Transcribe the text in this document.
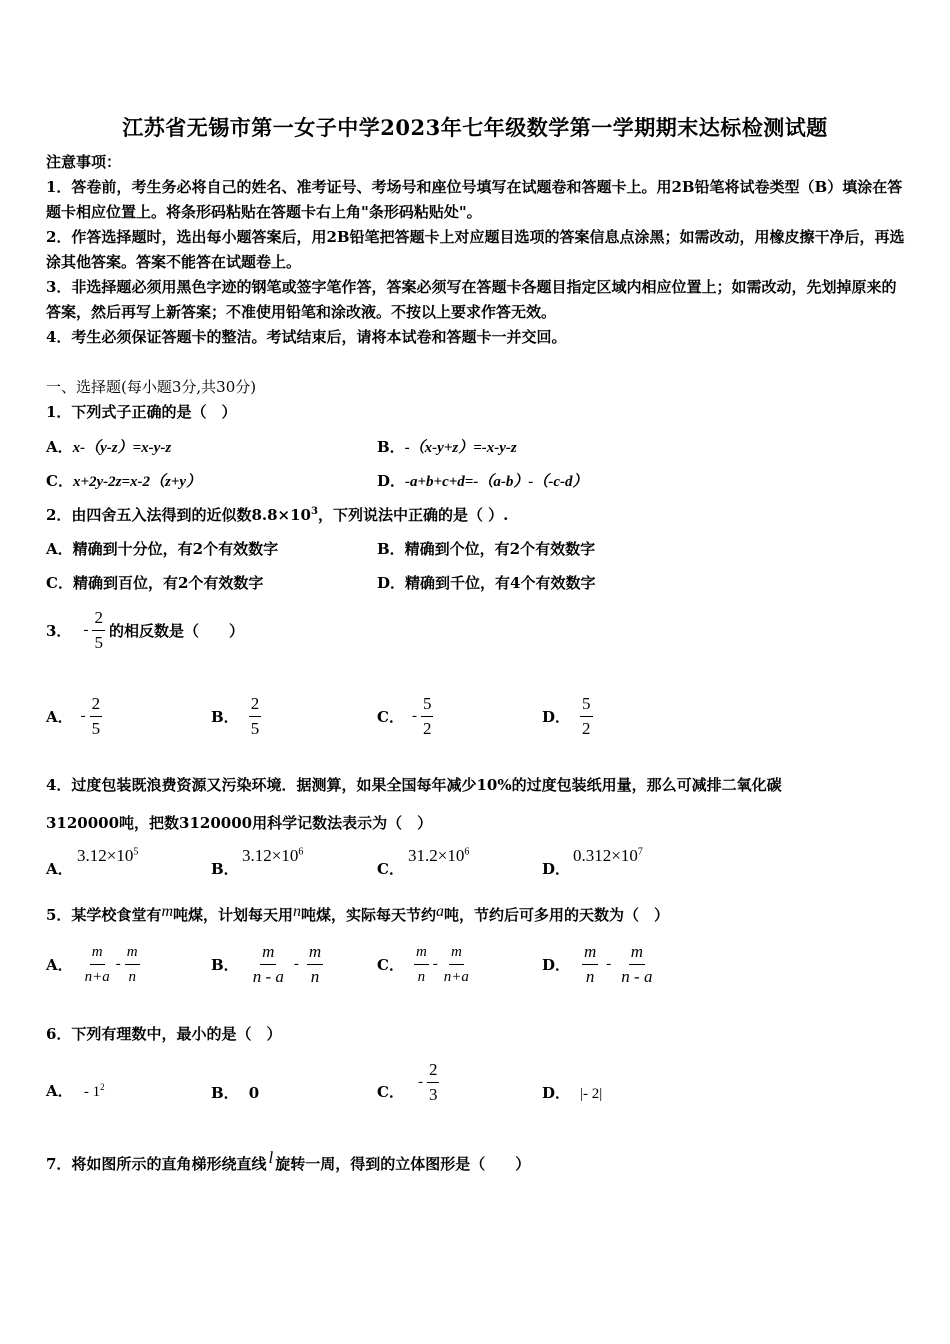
江苏省无锡市第一女子中学2023年七年级数学第一学期期末达标检测试题
注意事项：
1．答卷前，考生务必将自己的姓名、准考证号、考场号和座位号填写在试题卷和答题卡上。用2B铅笔将试卷类型（B）填涂在答题卡相应位置上。将条形码粘贴在答题卡右上角"条形码粘贴处"。
2．作答选择题时，选出每小题答案后，用2B铅笔把答题卡上对应题目选项的答案信息点涂黑；如需改动，用橡皮擦干净后，再选涂其他答案。答案不能答在试题卷上。
3．非选择题必须用黑色字迹的钢笔或签字笔作答，答案必须写在答题卡各题目指定区域内相应位置上；如需改动，先划掉原来的答案，然后再写上新答案；不准使用铅笔和涂改液。不按以上要求作答无效。
4．考生必须保证答题卡的整洁。考试结束后，请将本试卷和答题卡一并交回。
一、选择题(每小题3分,共30分)
1．下列式子正确的是（　）
A．x-（y-z）=x-y-z	B．-（x-y+z）=-x-y-z
C．x+2y-2z=x-2（z+y）	D．-a+b+c+d=-（a-b）-（-c-d）
2．由四舍五入法得到的近似数$8.8\times 10^3$，下列说法中正确的是（ ）.
A．精确到十分位，有2个有效数字	B．精确到个位，有2个有效数字
C．精确到百位，有2个有效数字	D．精确到千位，有4个有效数字
3． - $\frac{2}{5}$ 的相反数是（　　）
A． - $\frac{2}{5}$	B． $\frac{2}{5}$	C． - $\frac{5}{2}$	D． $\frac{5}{2}$
4．过度包装既浪费资源又污染环境．据测算，如果全国每年减少10%的过度包装纸用量，那么可减排二氧化碳
3120000吨，把数3120000用科学记数法表示为（　）
A．
$3.12\times 10^5$
B．
$3.12\times 10^6$
C．
$31.2\times 10^6$
D．
$0.312\times 10^7$
5．某学校食堂有m吨煤，计划每天用n吨煤，实际每天节约a吨，节约后可多用的天数为（　）
A． $\frac{m}{n+a} - \frac{m}{n}$	B． $\frac{m}{n - a} - \frac{m}{n}$	C． $\frac{m}{n} - \frac{m}{n+a}$	D． $\frac{m}{n} - \frac{m}{n - a}$
6．下列有理数中，最小的是（　）
A． - $1^2$	B． 0	C．
- $\frac{2}{3}$	D． |- 2|
7．将如图所示的直角梯形绕直线 l 旋转一周，得到的立体图形是（　　）
